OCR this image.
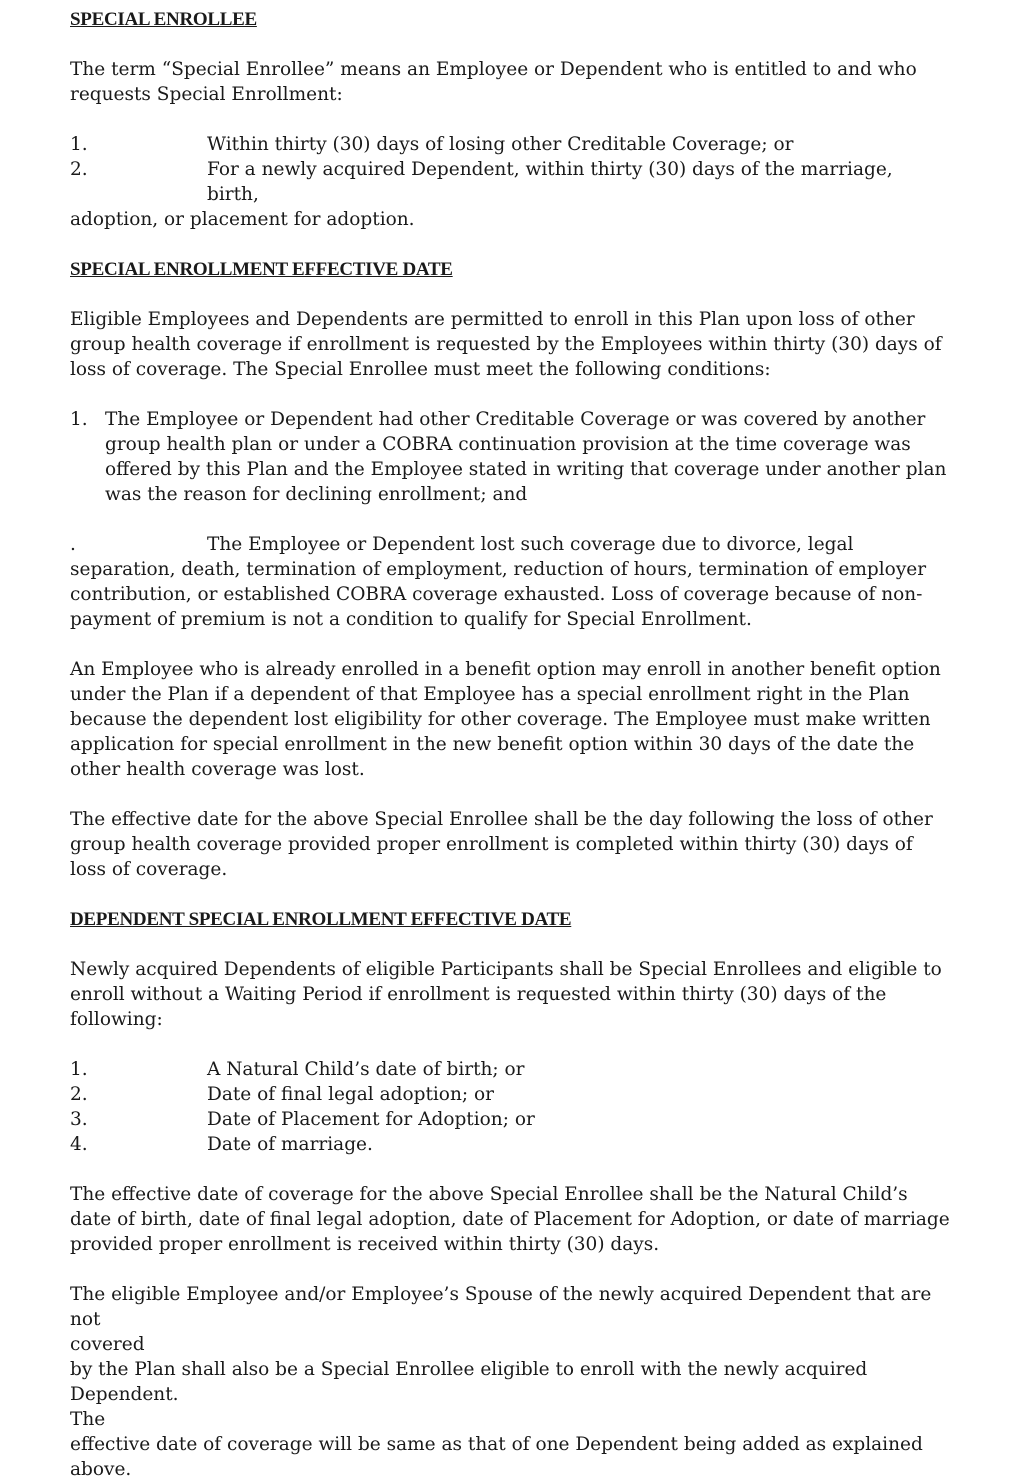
SPECIAL ENROLLEE

The term “Special Enrollee” means an Employee or Dependent who is entitled to and who requests Special Enrollment:

1.	Within thirty (30) days of losing other Creditable Coverage; or
2.	For a newly acquired Dependent, within thirty (30) days of the marriage, birth,

adoption, or placement for adoption.

SPECIAL ENROLLMENT EFFECTIVE DATE

Eligible Employees and Dependents are permitted to enroll in this Plan upon loss of other group health coverage if enrollment is requested by the Employees within thirty (30) days of loss of coverage. The Special Enrollee must meet the following conditions:

1. The Employee or Dependent had other Creditable Coverage or was covered by another group health plan or under a COBRA continuation provision at the time coverage was offered by this Plan and the Employee stated in writing that coverage under another plan was the reason for declining enrollment; and

.	The Employee or Dependent lost such coverage due to divorce, legal separation, death, termination of employment, reduction of hours, termination of employer contribution, or established COBRA coverage exhausted. Loss of coverage because of non-payment of premium is not a condition to qualify for Special Enrollment.

An Employee who is already enrolled in a benefit option may enroll in another benefit option under the Plan if a dependent of that Employee has a special enrollment right in the Plan because the dependent lost eligibility for other coverage. The Employee must make written application for special enrollment in the new benefit option within 30 days of the date the other health coverage was lost.

The effective date for the above Special Enrollee shall be the day following the loss of other group health coverage provided proper enrollment is completed within thirty (30) days of loss of coverage.

DEPENDENT SPECIAL ENROLLMENT EFFECTIVE DATE

Newly acquired Dependents of eligible Participants shall be Special Enrollees and eligible to enroll without a Waiting Period if enrollment is requested within thirty (30) days of the following:

1.	A Natural Child’s date of birth; or
2.	Date of final legal adoption; or
3.	Date of Placement for Adoption; or
4.	Date of marriage.

The effective date of coverage for the above Special Enrollee shall be the Natural Child’s date of birth, date of final legal adoption, date of Placement for Adoption, or date of marriage provided proper enrollment is received within thirty (30) days.

The eligible Employee and/or Employee’s Spouse of the newly acquired Dependent that are not

covered

by the Plan shall also be a Special Enrollee eligible to enroll with the newly acquired Dependent.

The

effective date of coverage will be same as that of one Dependent being added as explained above.
